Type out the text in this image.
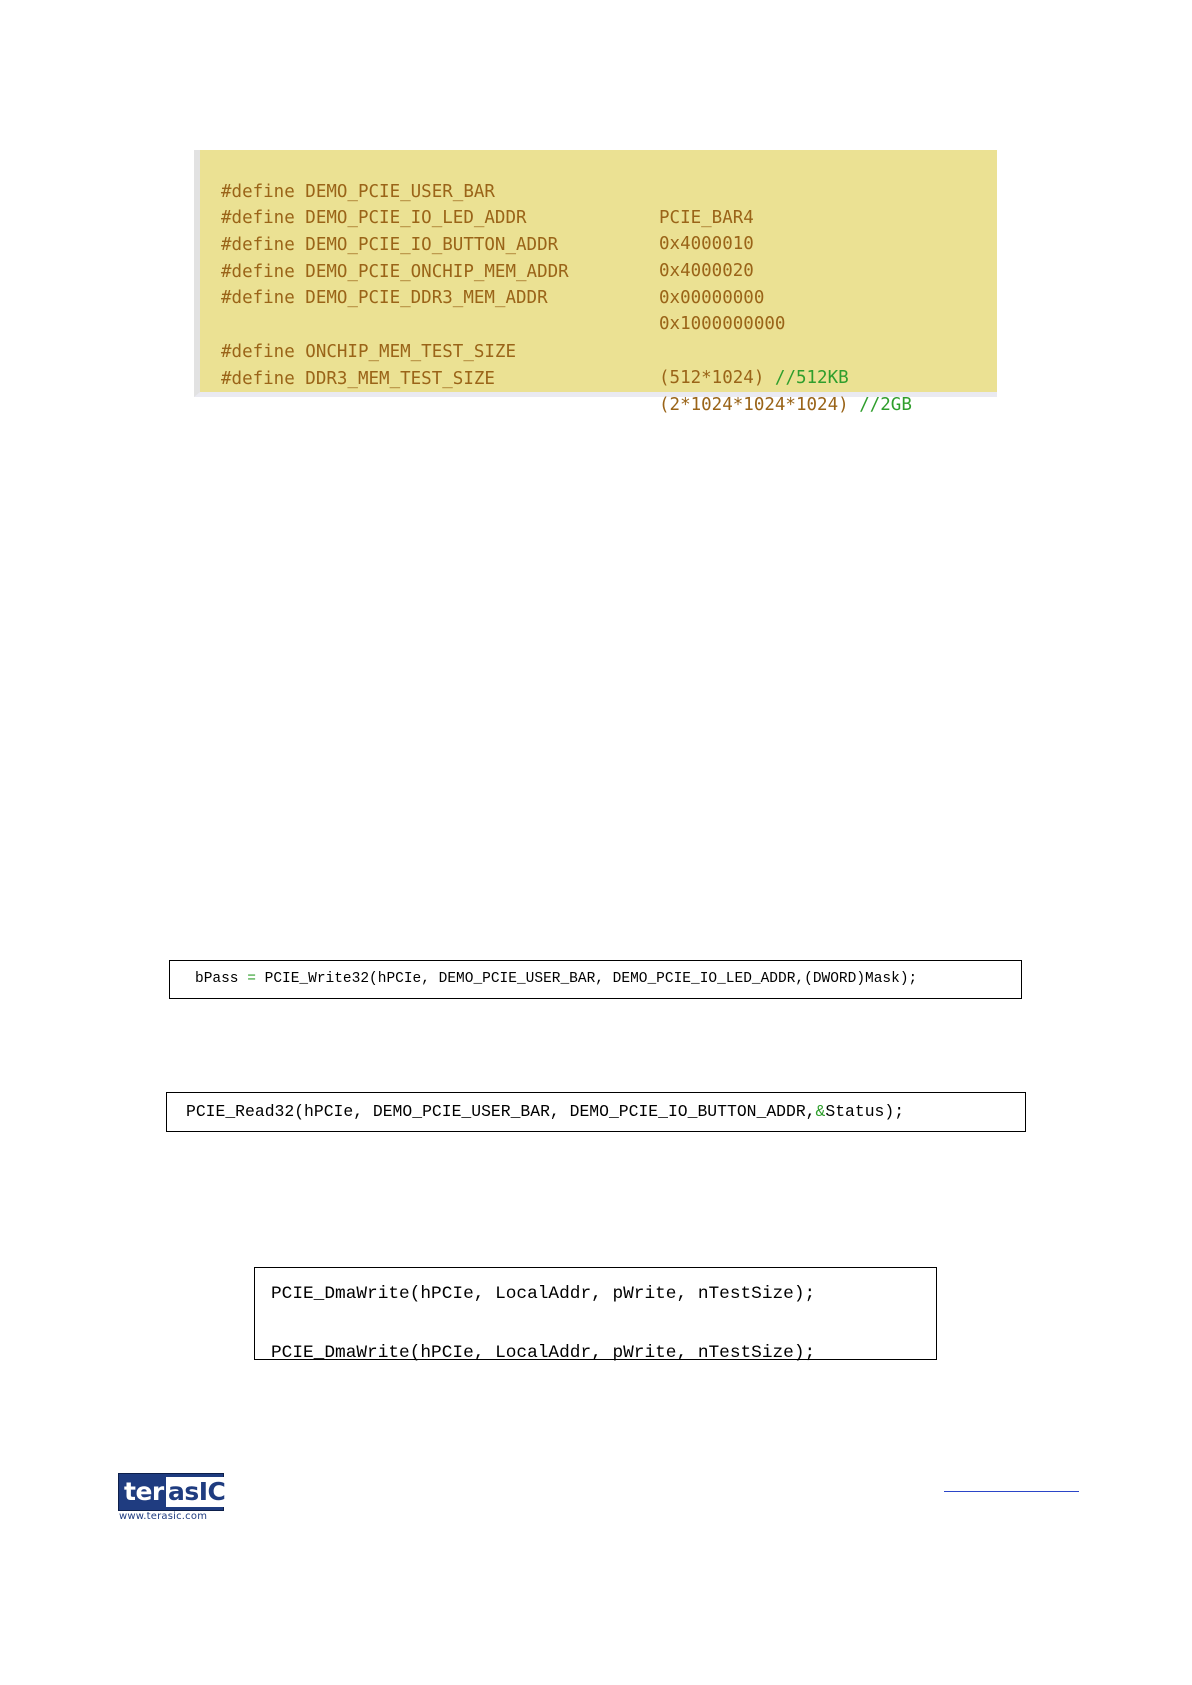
#define DEMO_PCIE_USER_BAR

PCIE_BAR4

#define DEMO_PCIE_IO_LED_ADDR

0x4000010

#define DEMO_PCIE_IO_BUTTON_ADDR

0x4000020

#define DEMO_PCIE_ONCHIP_MEM_ADDR

0x00000000

#define DEMO_PCIE_DDR3_MEM_ADDR

0x1000000000

#define ONCHIP_MEM_TEST_SIZE

(512*1024) //512KB

#define DDR3_MEM_TEST_SIZE

(2*1024*1024*1024) //2GB

bPass = PCIE_Write32(hPCIe, DEMO_PCIE_USER_BAR, DEMO_PCIE_IO_LED_ADDR,(DWORD)Mask);
PCIE_Read32(hPCIe, DEMO_PCIE_USER_BAR, DEMO_PCIE_IO_BUTTON_ADDR,&Status);

PCIE_DmaWrite(hPCIe, LocalAddr, pWrite, nTestSize);

PCIE_DmaWrite(hPCIe, LocalAddr, pWrite, nTestSize);

ter asIC
www.terasic.com
